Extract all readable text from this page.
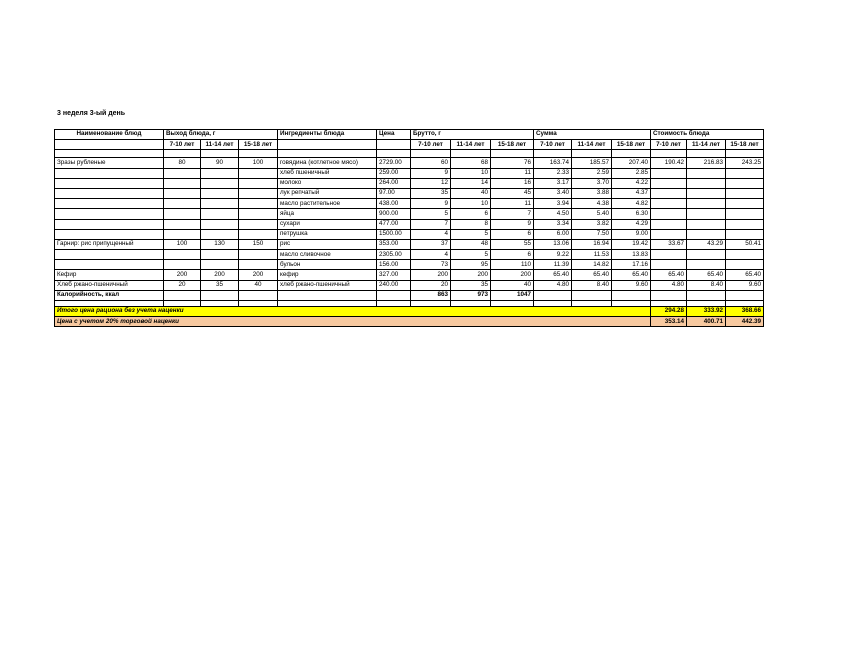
3 неделя 3-ый день
Наименование блюд	Выход блюда, г			Ингредиенты блюда	Цена	Брутто, г			Сумма			Стоимость блюда		
	7-10 лет	11-14 лет	15-18 лет			7-10 лет	11-14 лет	15-18 лет	7-10 лет	11-14 лет	15-18 лет	7-10 лет	11-14 лет	15-18 лет

Зразы рубленые	80	90	100	говядина (котлетное мясо)	2729.00	60	68	76	163.74	185.57	207.40	190.42	216.83	243.25
				хлеб пшеничный	259.00	9	10	11	2.33	2.59	2.85			
				молоко	264.00	12	14	16	3.17	3.70	4.22			
				лук репчатый	97.00	35	40	45	3.40	3.88	4.37			
				масло растительное	438.00	9	10	11	3.94	4.38	4.82			
				яйца	900.00	5	6	7	4.50	5.40	6.30			
				сухари	477.00	7	8	9	3.34	3.82	4.29			
				петрушка	1500.00	4	5	6	6.00	7.50	9.00			
Гарнир: рис припущенный	100	130	150	рис	353.00	37	48	55	13.06	16.94	19.42	33.67	43.29	50.41
				масло сливочное	2305.00	4	5	6	9.22	11.53	13.83			
				бульон	156.00	73	95	110	11.39	14.82	17.16			
Кефир	200	200	200	кефир	327.00	200	200	200	65.40	65.40	65.40	65.40	65.40	65.40
Хлеб ржано-пшеничный	20	35	40	хлеб ржано-пшеничный	240.00	20	35	40	4.80	8.40	9.60	4.80	8.40	9.60
Калорийность, ккал						863	973	1047						

Итого цена рациона без учета наценки												294.28	333.92	368.66
Цена с учетом 20% торговой наценки												353.14	400.71	442.39
